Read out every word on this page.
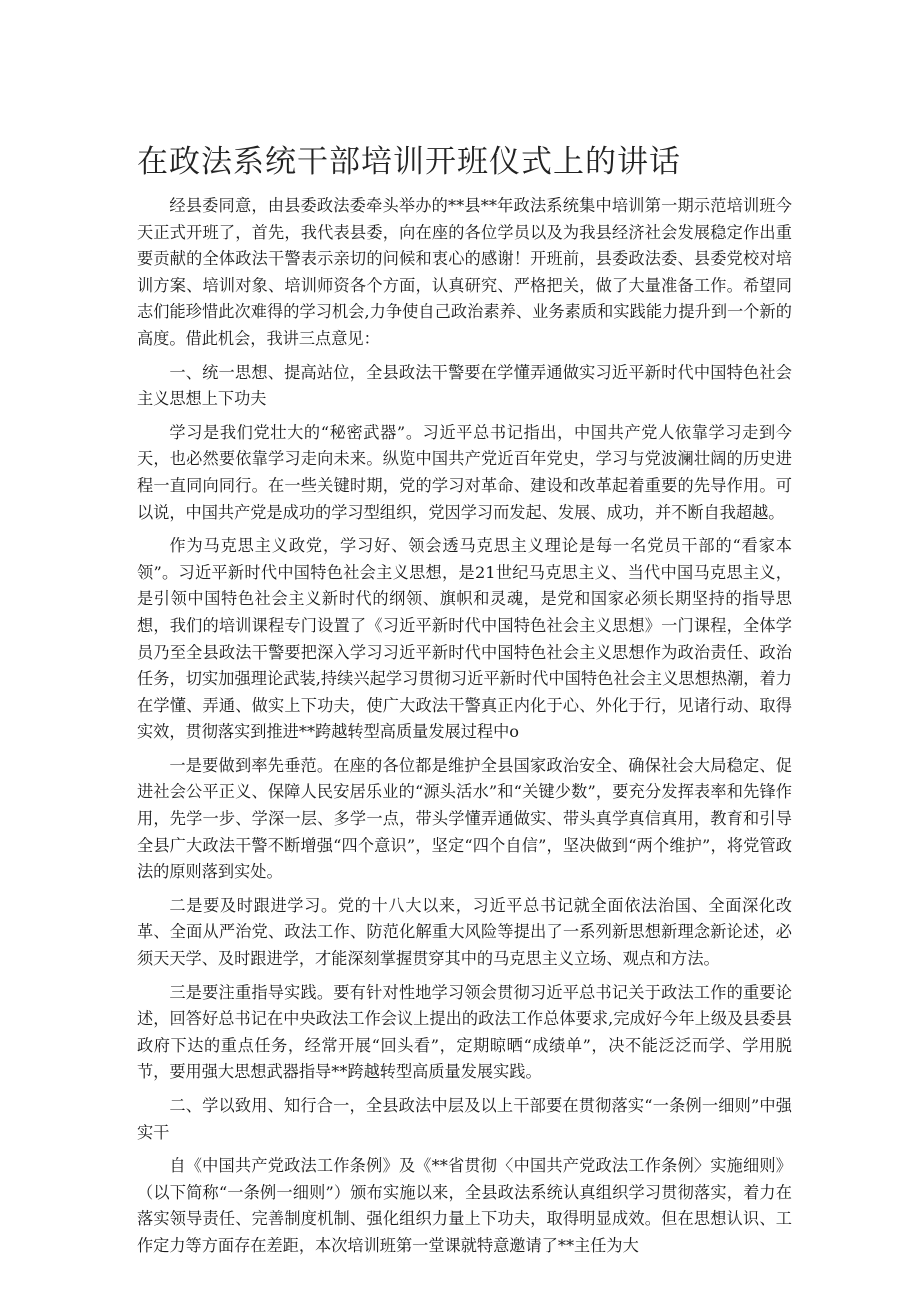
在政法系统干部培训开班仪式上的讲话

经县委同意，由县委政法委牵头举办的**县**年政法系统集中培训第一期示范培训班今天正式开班了，首先，我代表县委，向在座的各位学员以及为我县经济社会发展稳定作出重要贡献的全体政法干警表示亲切的问候和衷心的感谢！开班前，县委政法委、县委党校对培训方案、培训对象、培训师资各个方面，认真研究、严格把关，做了大量准备工作。希望同志们能珍惜此次难得的学习机会,力争使自己政治素养、业务素质和实践能力提升到一个新的高度。借此机会，我讲三点意见：

一、统一思想、提高站位，全县政法干警要在学懂弄通做实习近平新时代中国特色社会主义思想上下功夫

学习是我们党壮大的“秘密武器”。习近平总书记指出，中国共产党人依靠学习走到今天，也必然要依靠学习走向未来。纵览中国共产党近百年党史，学习与党波澜壮阔的历史进程一直同向同行。在一些关键时期，党的学习对革命、建设和改革起着重要的先导作用。可以说，中国共产党是成功的学习型组织，党因学习而发起、发展、成功，并不断自我超越。

作为马克思主义政党，学习好、领会透马克思主义理论是每一名党员干部的“看家本领”。习近平新时代中国特色社会主义思想，是21世纪马克思主义、当代中国马克思主义，是引领中国特色社会主义新时代的纲领、旗帜和灵魂，是党和国家必须长期坚持的指导思想，我们的培训课程专门设置了《习近平新时代中国特色社会主义思想》一门课程，全体学员乃至全县政法干警要把深入学习习近平新时代中国特色社会主义思想作为政治责任、政治任务，切实加强理论武装,持续兴起学习贯彻习近平新时代中国特色社会主义思想热潮，着力在学懂、弄通、做实上下功夫，使广大政法干警真正内化于心、外化于行，见诸行动、取得实效，贯彻落实到推进**跨越转型高质量发展过程中o

一是要做到率先垂范。在座的各位都是维护全县国家政治安全、确保社会大局稳定、促进社会公平正义、保障人民安居乐业的“源头活水”和“关键少数”，要充分发挥表率和先锋作用，先学一步、学深一层、多学一点，带头学懂弄通做实、带头真学真信真用，教育和引导全县广大政法干警不断增强“四个意识”，坚定“四个自信”，坚决做到“两个维护”，将党管政法的原则落到实处。

二是要及时跟进学习。党的十八大以来，习近平总书记就全面依法治国、全面深化改革、全面从严治党、政法工作、防范化解重大风险等提出了一系列新思想新理念新论述，必须天天学、及时跟进学，才能深刻掌握贯穿其中的马克思主义立场、观点和方法。

三是要注重指导实践。要有针对性地学习领会贯彻习近平总书记关于政法工作的重要论述，回答好总书记在中央政法工作会议上提出的政法工作总体要求,完成好今年上级及县委县政府下达的重点任务，经常开展“回头看”，定期晾晒“成绩单”，决不能泛泛而学、学用脱节，要用强大思想武器指导**跨越转型高质量发展实践。

二、学以致用、知行合一，全县政法中层及以上干部要在贯彻落实“一条例一细则”中强实干

自《中国共产党政法工作条例》及《**省贯彻〈中国共产党政法工作条例〉实施细则》（以下简称“一条例一细则”）颁布实施以来，全县政法系统认真组织学习贯彻落实，着力在落实领导责任、完善制度机制、强化组织力量上下功夫，取得明显成效。但在思想认识、工作定力等方面存在差距，本次培训班第一堂课就特意邀请了**主任为大
